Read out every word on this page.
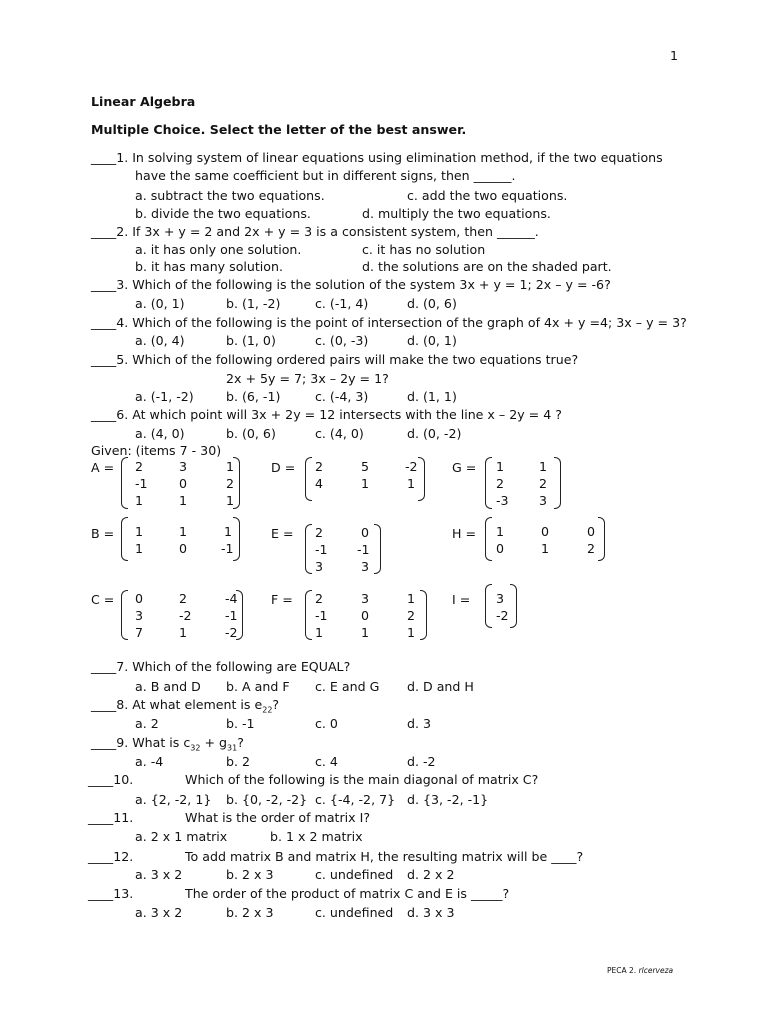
1
Linear Algebra
Multiple Choice. Select the letter of the best answer.
____1. In solving system of linear equations using elimination method, if the two equations
have the same coefficient but in different signs, then ______.
a. subtract the two equations.	c. add the two equations.
b. divide the two equations.	d. multiply the two equations.
____2. If 3x + y = 2 and 2x + y = 3 is a consistent system, then ______.
a. it has only one solution.	c. it has no solution
b. it has many solution.	d. the solutions are on the shaded part.
____3. Which of the following is the solution of the system 3x + y = 1; 2x – y = -6?
a. (0, 1)	b. (1, -2)	c. (-1, 4)	d. (0, 6)
____4. Which of the following is the point of intersection of the graph of 4x + y =4; 3x – y = 3?
a. (0, 4)	b. (1, 0)	c. (0, -3)	d. (0, 1)
____5. Which of the following ordered pairs will make the two equations true?
2x + 5y = 7; 3x – 2y = 1?
a. (-1, -2)	b. (6, -1)	c. (-4, 3)	d. (1, 1)
____6. At which point will 3x + 2y = 12 intersects with the line x – 2y = 4 ?
a. (4, 0)	b. (0, 6)	c. (4, 0)	d. (0, -2)
Given: (items 7 - 30)
A = 2	3	1
-1 0	2
1	1	1
D = 2	5	-2
4	1	1
G = 1	1
2	2
-3 3
B = 1	1	1
1	0	-1
E = 2	0
-1 -1
3	3
H = 1	0	0
0	1	2
C = 0	2	-4
3	-2	-1
7	1	-2
F = 2	3	1
-1	0	2
1	1	1
I = 3
-2
____7. Which of the following are EQUAL?
a. B and D b. A and F c. E and G d. D and H
____8. At what element is $e_{22}$?
a. 2	b. -1	c. 0	d. 3
____9. What is $c_{32} + g_{31}$?
a. -4	b. 2	c. 4	d. -2
____10.	Which of the following is the main diagonal of matrix C?
a. {2, -2, 1} b. {0, -2, -2} c. {-4, -2, 7} d. {3, -2, -1}
____11.	What is the order of matrix I?
a. 2 x 1 matrix	b. 1 x 2 matrix
____12.	To add matrix B and matrix H, the resulting matrix will be ____?
a. 3 x 2	b. 2 x 3	c. undefined d. 2 x 2
____13.	The order of the product of matrix C and E is _____?
a. 3 x 2	b. 2 x 3	c. undefined d. 3 x 3
PECA 2. rlcerveza
